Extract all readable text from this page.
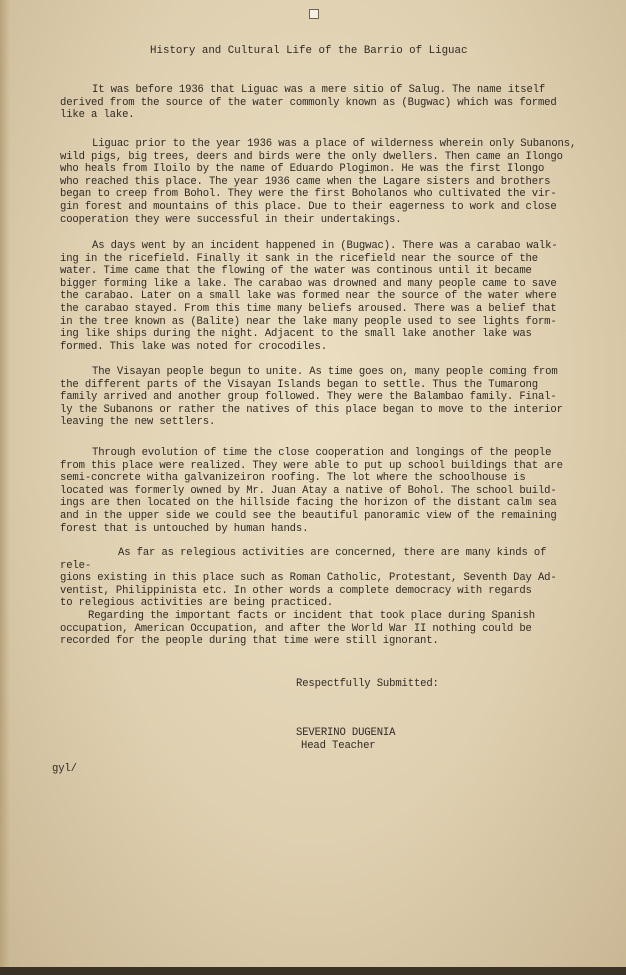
History and Cultural Life of the Barrio of Liguac
It was before 1936 that Liguac was a mere sitio of Salug. The name itself
derived from the source of the water commonly known as (Bugwac) which was formed
like a lake.
Liguac prior to the year 1936 was a place of wilderness wherein only Subanons,
wild pigs, big trees, deers and birds were the only dwellers. Then came an Ilongo
who heals from Iloilo by the name of Eduardo Plogimon. He was the first Ilongo
who reached this place. The year 1936 came when the Lagare sisters and brothers
began to creep from Bohol. They were the first Boholanos who cultivated the vir-
gin forest and mountains of this place. Due to their eagerness to work and close
cooperation they were successful in their undertakings.
As days went by an incident happened in (Bugwac). There was a carabao walk-
ing in the ricefield. Finally it sank in the ricefield near the source of the
water. Time came that the flowing of the water was continous until it became
bigger forming like a lake. The carabao was drowned and many people came to save
the carabao. Later on a small lake was formed near the source of the water where
the carabao stayed. From this time many beliefs aroused. There was a belief that
in the tree known as (Balite) near the lake many people used to see lights form-
ing like ships during the night. Adjacent to the small lake another lake was
formed. This lake was noted for crocodiles.
The Visayan people begun to unite. As time goes on, many people coming from
the different parts of the Visayan Islands began to settle. Thus the Tumarong
family arrived and another group followed. They were the Balambao family. Final-
ly the Subanons or rather the natives of this place began to move to the interior
leaving the new settlers.
Through evolution of time the close cooperation and longings of the people
from this place were realized. They were able to put up school buildings that are
semi-concrete witha galvanizeiron roofing. The lot where the schoolhouse is
located was formerly owned by Mr. Juan Atay a native of Bohol. The school build-
ings are then located on the hillside facing the horizon of the distant calm sea
and in the upper side we could see the beautiful panoramic view of the remaining
forest that is untouched by human hands.
As far as relegious activities are concerned, there are many kinds of rele-
gions existing in this place such as Roman Catholic, Protestant, Seventh Day Ad-
ventist, Philippinista etc. In other words a complete democracy with regards
to relegious activities are being practiced.
Regarding the important facts or incident that took place during Spanish
occupation, American Occupation, and after the World War II nothing could be
recorded for the people during that time were still ignorant.
Respectfully Submitted:
SEVERINO DUGENIA
Head Teacher
gyl/
